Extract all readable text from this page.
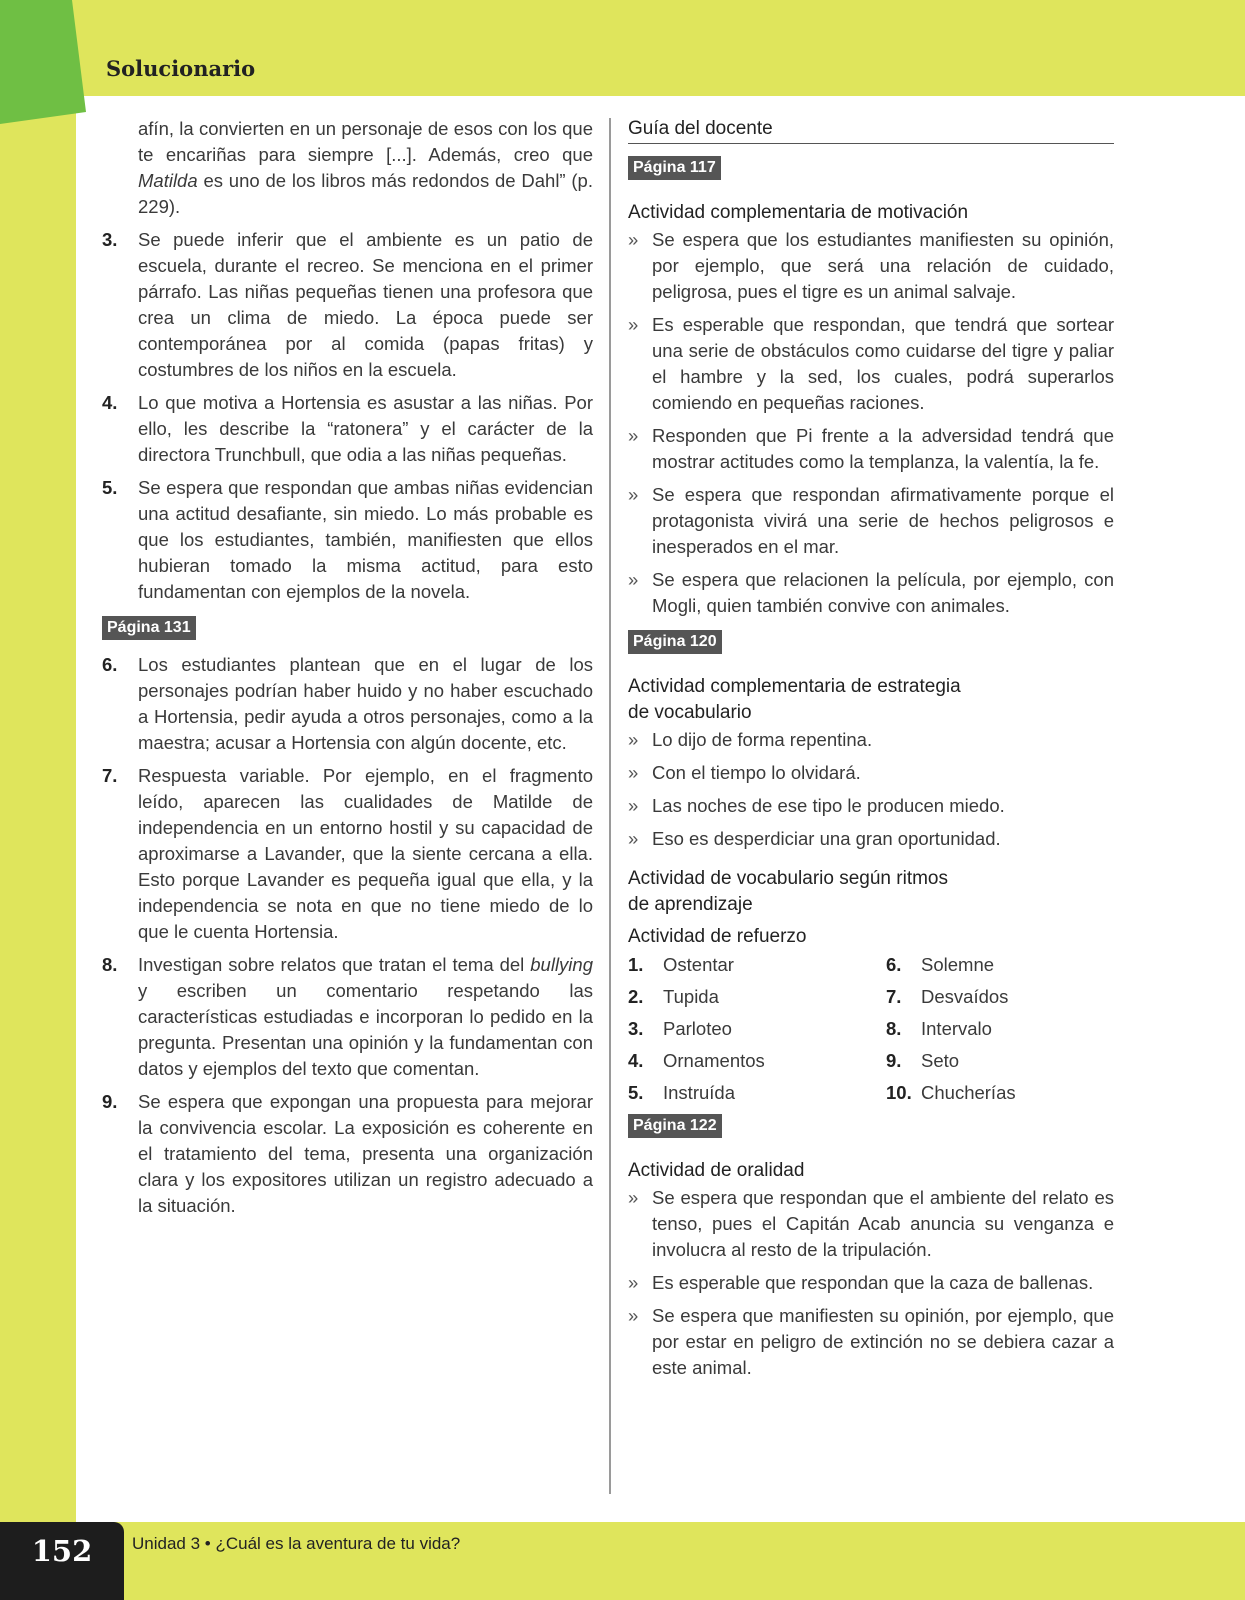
Solucionario

afín, la convierten en un personaje de esos con los que te encariñas para siempre [...]. Además, creo que Matilda es uno de los libros más redondos de Dahl” (p. 229).

3.	Se puede inferir que el ambiente es un patio de escuela, durante el recreo. Se menciona en el primer párrafo. Las niñas pequeñas tienen una profesora que crea un clima de miedo. La época puede ser contemporánea por al comida (papas fritas) y costumbres de los niños en la escuela.
4.	Lo que motiva a Hortensia es asustar a las niñas. Por ello, les describe la “ratonera” y el carácter de la directora Trunchbull, que odia a las niñas pequeñas.
5.	Se espera que respondan que ambas niñas evidencian una actitud desafiante, sin miedo. Lo más probable es que los estudiantes, también, manifiesten que ellos hubieran tomado la misma actitud, para esto fundamentan con ejemplos de la novela.
Página 131
6.	Los estudiantes plantean que en el lugar de los personajes podrían haber huido y no haber escuchado a Hortensia, pedir ayuda a otros personajes, como a la maestra; acusar a Hortensia con algún docente, etc.
7.	Respuesta variable. Por ejemplo, en el fragmento leído, aparecen las cualidades de Matilde de independencia en un entorno hostil y su capacidad de aproximarse a Lavander, que la siente cercana a ella. Esto porque Lavander es pequeña igual que ella, y la independencia se nota en que no tiene miedo de lo que le cuenta Hortensia.
8.	Investigan sobre relatos que tratan el tema del bullying y escriben un comentario respetando las características estudiadas e incorporan lo pedido en la pregunta. Presentan una opinión y la fundamentan con datos y ejemplos del texto que comentan.
9.	Se espera que expongan una propuesta para mejorar la convivencia escolar. La exposición es coherente en el tratamiento del tema, presenta una organización clara y los expositores utilizan un registro adecuado a la situación.
Guía del docente
Página 117
Actividad complementaria de motivación
» Se espera que los estudiantes manifiesten su opinión, por ejemplo, que será una relación de cuidado, peligrosa, pues el tigre es un animal salvaje.
» Es esperable que respondan, que tendrá que sortear una serie de obstáculos como cuidarse del tigre y paliar el hambre y la sed, los cuales, podrá superarlos comiendo en pequeñas raciones.
» Responden que Pi frente a la adversidad tendrá que mostrar actitudes como la templanza, la valentía, la fe.
» Se espera que respondan afirmativamente porque el protagonista vivirá una serie de hechos peligrosos e inesperados en el mar.
» Se espera que relacionen la película, por ejemplo, con Mogli, quien también convive con animales.
Página 120
Actividad complementaria de estrategia
de vocabulario
» Lo dijo de forma repentina.
» Con el tiempo lo olvidará.
» Las noches de ese tipo le producen miedo.
» Eso es desperdiciar una gran oportunidad.
Actividad de vocabulario según ritmos
de aprendizaje
Actividad de refuerzo
1.	Ostentar	6.	Solemne
2.	Tupida	7.	Desvaídos
3.	Parloteo	8.	Intervalo
4.	Ornamentos	9.	Seto
5.	Instruída	10. Chucherías
Página 122
Actividad de oralidad
» Se espera que respondan que el ambiente del relato es tenso, pues el Capitán Acab anuncia su venganza e involucra al resto de la tripulación.
» Es esperable que respondan que la caza de ballenas.
» Se espera que manifiesten su opinión, por ejemplo, que por estar en peligro de extinción no se debiera cazar a este animal.
152	Unidad 3 • ¿Cuál es la aventura de tu vida?
